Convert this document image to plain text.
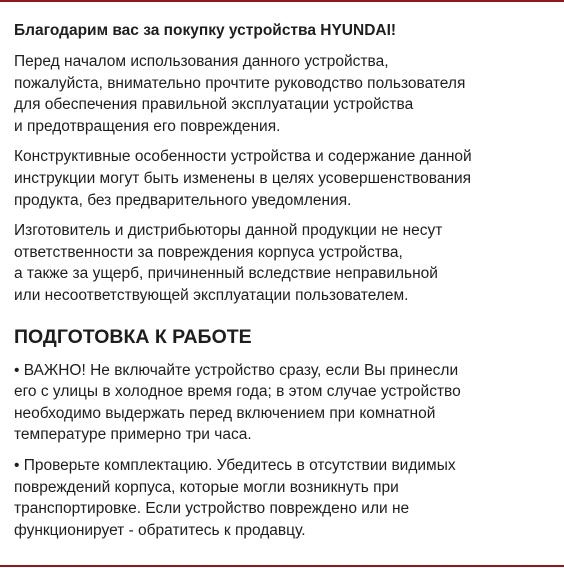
Благодарим вас за покупку устройства HYUNDAI!

Перед началом использования данного устройства,
пожалуйста, внимательно прочтите руководство пользователя
для обеспечения правильной эксплуатации устройства
и предотвращения его повреждения.

Конструктивные особенности устройства и содержание данной
инструкции могут быть изменены в целях усовершенствования
продукта, без предварительного уведомления.

Изготовитель и дистрибьюторы данной продукции не несут
ответственности за повреждения корпуса устройства,
а также за ущерб, причиненный вследствие неправильной
или несоответствующей эксплуатации пользователем.

ПОДГОТОВКА К РАБОТЕ

• ВАЖНО! Не включайте устройство сразу, если Вы принесли
его с улицы в холодное время года; в этом случае устройство
необходимо выдержать перед включением при комнатной
температуре примерно три часа.

• Проверьте комплектацию. Убедитесь в отсутствии видимых
повреждений корпуса, которые могли возникнуть при
транспортировке. Если устройство повреждено или не
функционирует - обратитесь к продавцу.
